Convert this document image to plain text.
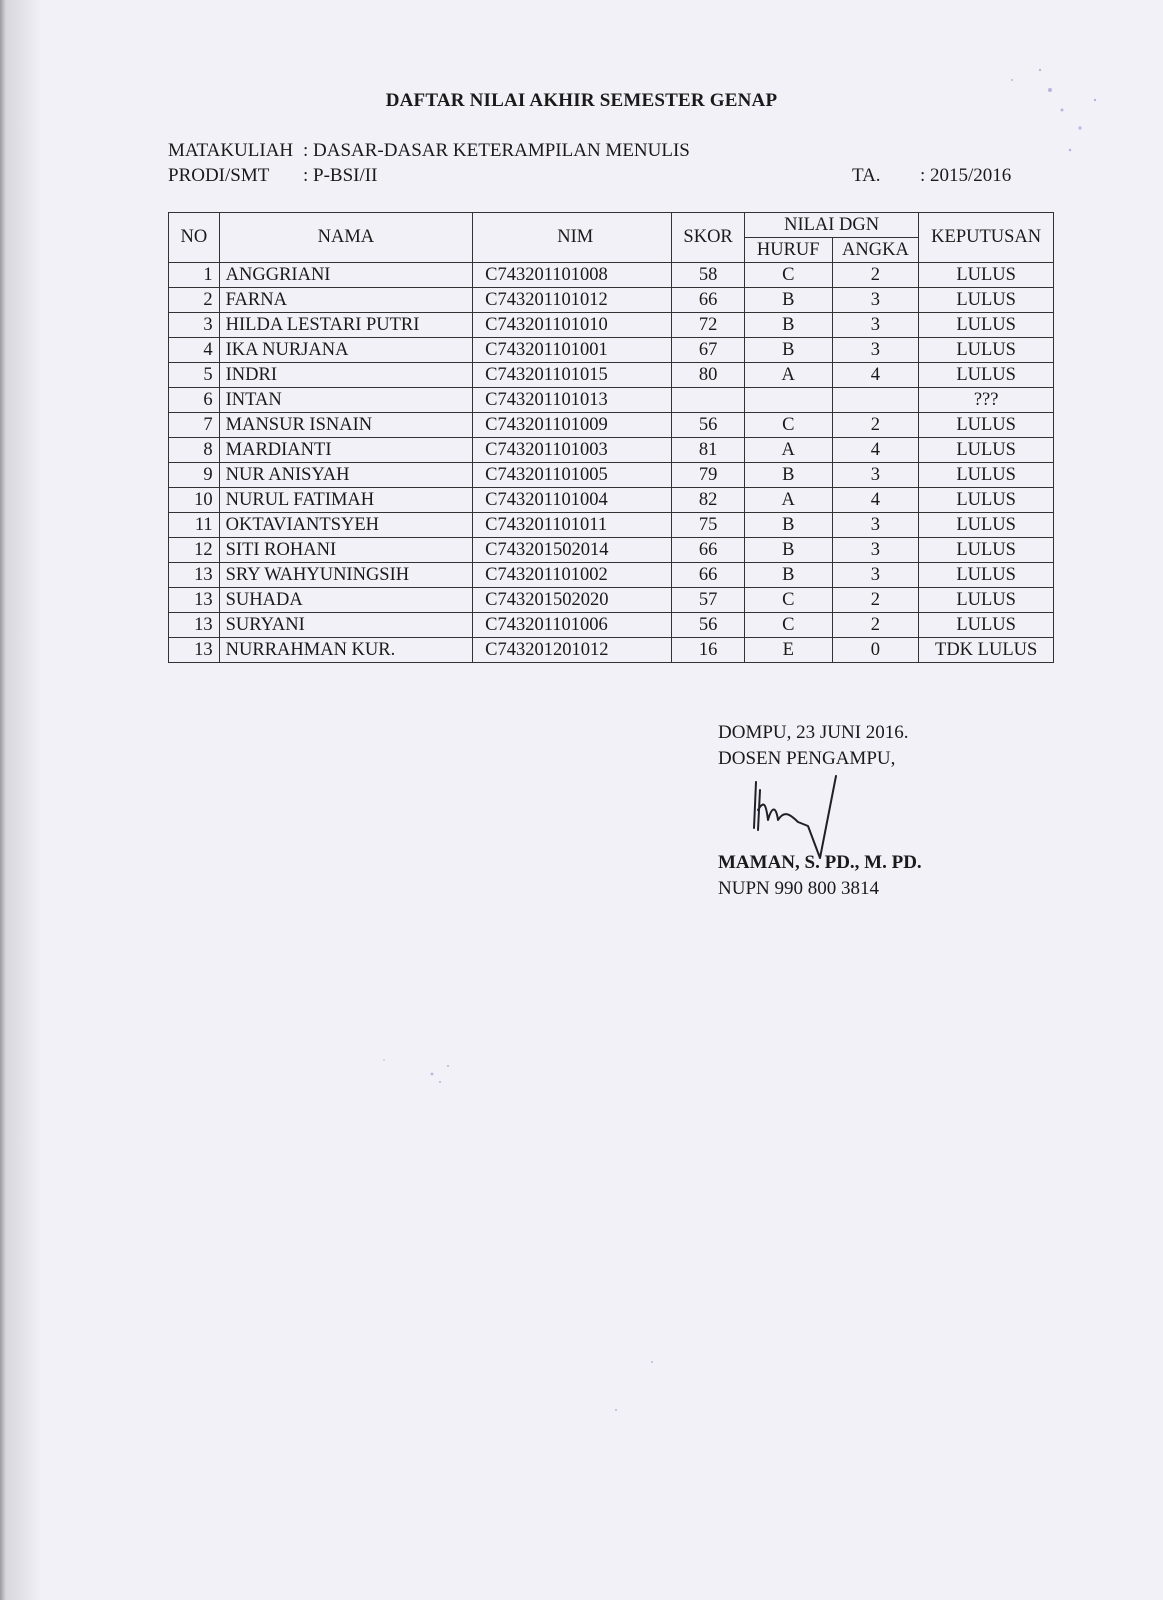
DAFTAR NILAI AKHIR SEMESTER GENAP
MATAKULIAH : DASAR-DASAR KETERAMPILAN MENULIS
PRODI/SMT : P-BSI/II	TA. : 2015/2016
NO	NAMA	NIM	SKOR	NILAI DGN		KEPUTUSAN
				HURUF	ANGKA	
1	ANGGRIANI	C743201101008	58	C	2	LULUS
2	FARNA	C743201101012	66	B	3	LULUS
3	HILDA LESTARI PUTRI	C743201101010	72	B	3	LULUS
4	IKA NURJANA	C743201101001	67	B	3	LULUS
5	INDRI	C743201101015	80	A	4	LULUS
6	INTAN	C743201101013				???
7	MANSUR ISNAIN	C743201101009	56	C	2	LULUS
8	MARDIANTI	C743201101003	81	A	4	LULUS
9	NUR ANISYAH	C743201101005	79	B	3	LULUS
10	NURUL FATIMAH	C743201101004	82	A	4	LULUS
11	OKTAVIANTSYEH	C743201101011	75	B	3	LULUS
12	SITI ROHANI	C743201502014	66	B	3	LULUS
13	SRY WAHYUNINGSIH	C743201101002	66	B	3	LULUS
13	SUHADA	C743201502020	57	C	2	LULUS
13	SURYANI	C743201101006	56	C	2	LULUS
13	NURRAHMAN KUR.	C743201201012	16	E	0	TDK LULUS
DOMPU, 23 JUNI 2016.
DOSEN PENGAMPU,
MAMAN, S. PD., M. PD.
NUPN 990 800 3814
